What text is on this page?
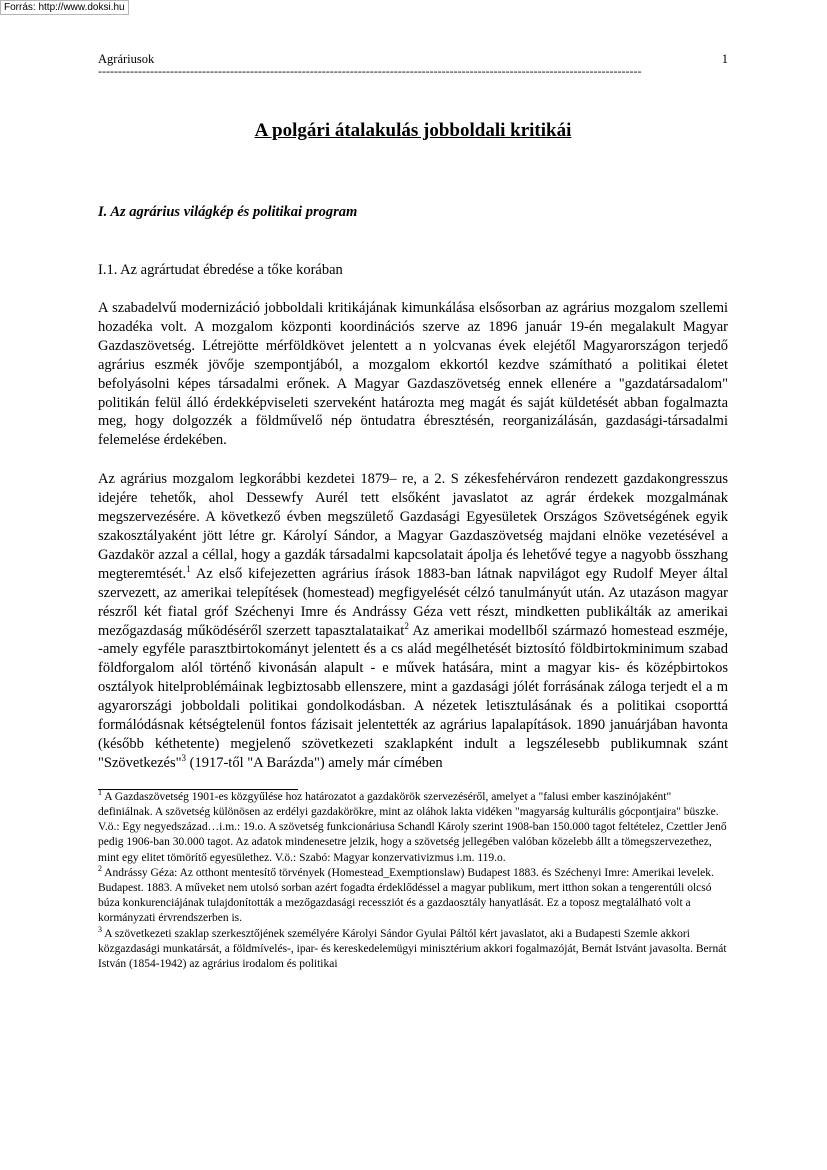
Forrás: http://www.doksi.hu
Agráriusok	1
----------------------------------------------------------------------------------------------------------------------------------------
A polgári átalakulás jobboldali kritikái
I. Az agrárius világkép és politikai program
I.1. Az agrártudat ébredése a tőke korában

A szabadelvű modernizáció jobboldali kritikájának kimunkálása elsősorban az agrárius mozgalom szellemi hozadéka volt. A mozgalom központi koordinációs szerve az 1896 január 19-én megalakult Magyar Gazdaszövetség. Létrejötte mérföldkövet jelentett a n yolcvanas évek elejétől Magyarországon terjedő agrárius eszmék jövője szempontjából, a mozgalom ekkortól kezdve számítható a politikai életet befolyásolni képes társadalmi erőnek. A Magyar Gazdaszövetség ennek ellenére a "gazdatársadalom" politikán felül álló érdekképviseleti szerveként határozta meg magát és saját küldetését abban fogalmazta meg, hogy dolgozzék a földművelő nép öntudatra ébresztésén, reorganizálásán, gazdasági-társadalmi felemelése érdekében.

Az agrárius mozgalom legkorábbi kezdetei 1879– re, a 2. S zékesfehérváron rendezett gazdakongresszus idejére tehetők, ahol Dessewfy Aurél tett elsőként javaslatot az agrár érdekek mozgalmának megszervezésére. A következő évben megszülető Gazdasági Egyesületek Országos Szövetségének egyik szakosztályaként jött létre gr. Károlyí Sándor, a Magyar Gazdaszövetség majdani elnöke vezetésével a Gazdakör azzal a céllal, hogy a gazdák társadalmi kapcsolatait ápolja és lehetővé tegye a nagyobb összhang megteremtését.$^1$ Az első kifejezetten agrárius írások 1883-ban látnak napvilágot egy Rudolf Meyer által szervezett, az amerikai telepítések (homestead) megfigyelését célzó tanulmányút után. Az utazáson magyar részről két fiatal gróf Széchenyi Imre és Andrássy Géza vett részt, mindketten publikálták az amerikai mezőgazdaság működéséről szerzett tapasztalataikat$^2$ Az amerikai modellből származó homestead eszméje, -amely egyféle parasztbirtokományt jelentett és a cs alád megélhetését biztosító földbirtokminimum szabad földforgalom alól történő kivonásán alapult - e művek hatására, mint a magyar kis- és középbirtokos osztályok hitelproblémáinak legbiztosabb ellenszere, mint a gazdasági jólét forrásának záloga terjedt el a m agyarországi jobboldali politikai gondolkodásban. A nézetek letisztulásának és a politikai csoporttá formálódásnak kétségtelenül fontos fázisait jelentették az agrárius lapalapítások. 1890 januárjában havonta (később kéthetente) megjelenő szövetkezeti szaklapként indult a legszélesebb publikumnak szánt "Szövetkezés"$^3$ (1917-től "A Barázda") amely már címében

$^1$ A Gazdaszövetség 1901-es közgyűlése hoz határozatot a gazdakörök szervezéséről, amelyet a "falusi ember kaszinójaként" definiálnak. A szövetség különösen az erdélyi gazdakörökre, mint az oláhok lakta vidéken "magyarság kulturális gócpontjaira" büszke. V.ö.: Egy negyedszázad…i.m.: 19.o. A szövetség funkcionáriusa Schandl Károly szerint 1908-ban 150.000 tagot feltételez, Czettler Jenő pedig 1906-ban 30.000 tagot. Az adatok mindenesetre jelzik, hogy a szövetség jellegében valóban közelebb állt a tömegszervezethez, mint egy elitet tömörítő egyesülethez. V.ö.: Szabó: Magyar konzervativizmus i.m. 119.o.

$^2$ Andrássy Géza: Az otthont mentesítő törvények (Homestead_Exemptionslaw) Budapest 1883. és Széchenyi Imre: Amerikai levelek. Budapest. 1883. A műveket nem utolsó sorban azért fogadta érdeklődéssel a magyar publikum, mert itthon sokan a tengerentúli olcsó búza konkurenciájának tulajdonították a mezőgazdasági recessziót és a gazdaosztály hanyatlását. Ez a toposz megtalálható volt a kormányzati érvrendszerben is.

$^3$ A szövetkezeti szaklap szerkesztőjének személyére Károlyi Sándor Gyulai Páltól kért javaslatot, aki a Budapesti Szemle akkori közgazdasági munkatársát, a földmívelés-, ipar- és kereskedelemügyi minisztérium akkori fogalmazóját, Bernát Istvánt javasolta. Bernát István (1854-1942) az agrárius irodalom és politikai
